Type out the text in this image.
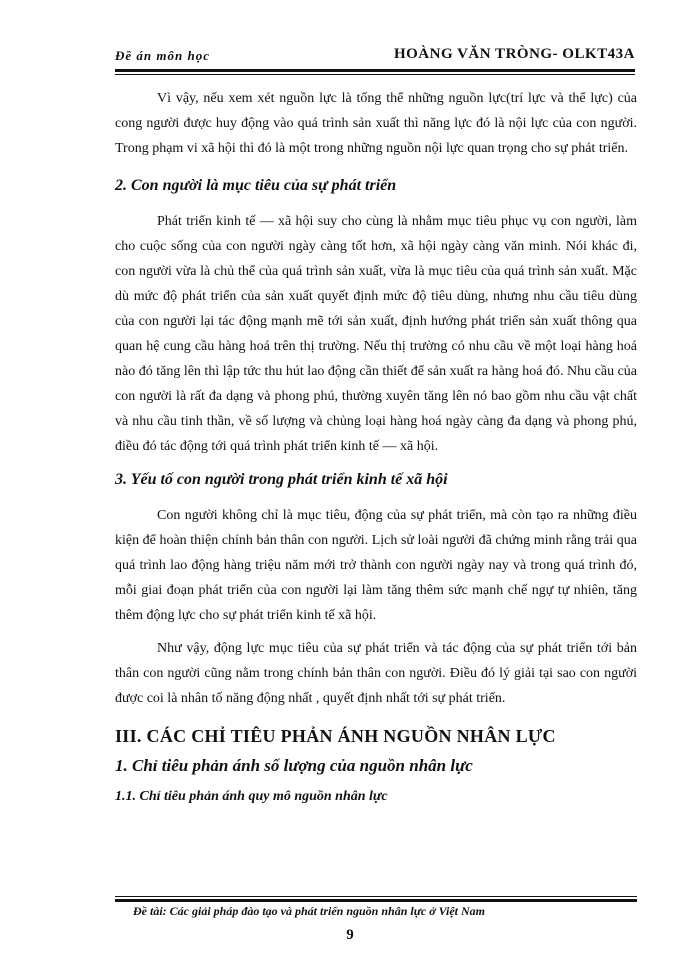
Đề án môn học	HOÀNG VĂN TRÒNG- OLKT43A

Vì vậy, nếu xem xét nguồn lực là tổng thể những nguồn lực(trí lực và thể lực) của cong người được huy động vào quá trình sản xuất thì năng lực đó là nội lực của con người. Trong phạm vi xã hội thì đó là một trong những nguồn nội lực quan trọng cho sự phát triển.

2. Con người là mục tiêu của sự phát triển

Phát triển kinh tế — xã hội suy cho cùng là nhằm mục tiêu phục vụ con người, làm cho cuộc sống của con người ngày càng tốt hơn, xã hội ngày càng văn minh. Nói khác đi, con người vừa là chủ thể của quá trình sản xuất, vừa là mục tiêu của quá trình sản xuất. Mặc dù mức độ phát triển của sản xuất quyết định mức độ tiêu dùng, nhưng nhu cầu tiêu dùng của con người lại tác động mạnh mẽ tới sản xuất, định hướng phát triển sản xuất thông qua quan hệ cung cầu hàng hoá trên thị trường. Nếu thị trường có nhu cầu về một loại hàng hoá nào đó tăng lên thì lập tức thu hút lao động cần thiết để sản xuất ra hàng hoá đó. Nhu cầu của con người là rất đa dạng và phong phú, thường xuyên tăng lên nó bao gồm nhu cầu vật chất và nhu cầu tinh thần, về số lượng và chủng loại hàng hoá ngày càng đa dạng và phong phú, điều đó tác động tới quá trình phát triển kinh tế — xã hội.

3. Yếu tố con người trong phát triển kinh tế xã hội

Con người không chỉ là mục tiêu, động của sự phát triển, mà còn tạo ra những điều kiện để hoàn thiện chính bản thân con người. Lịch sử loài người đã chứng minh rằng trải qua quá trình lao động hàng triệu năm mới trở thành con người ngày nay và trong quá trình đó, mỗi giai đoạn phát triển của con người lại làm tăng thêm sức mạnh chế ngự tự nhiên, tăng thêm động lực cho sự phát triển kinh tế xã hội.

Như vậy, động lực mục tiêu của sự phát triển và tác động của sự phát triển tới bản thân con người cũng nằm trong chính bản thân con người. Điều đó lý giải tại sao con người được coi là nhân tố năng động nhất , quyết định nhất tới sự phát triển.

III. CÁC CHỈ TIÊU PHẢN ÁNH NGUỒN NHÂN LỰC
1. Chỉ tiêu phản ánh số lượng của nguồn nhân lực
1.1. Chỉ tiêu phản ánh quy mô nguồn nhân lực
Đề tài: Các giải pháp đào tạo và phát triển nguồn nhân lực ở Việt Nam
9
